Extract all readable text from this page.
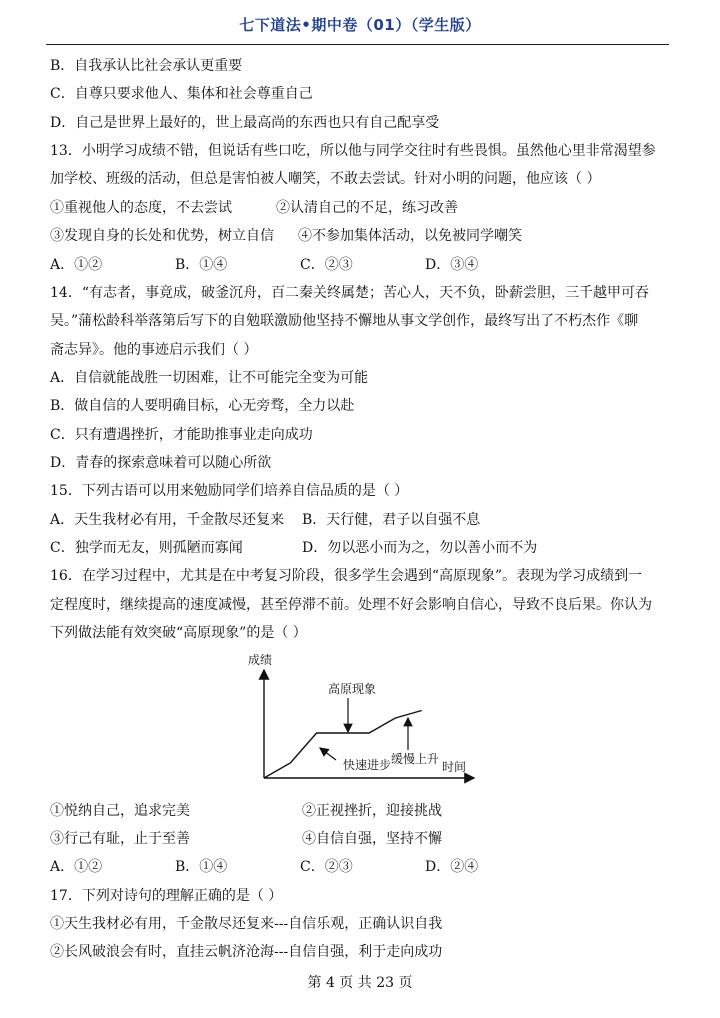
七下道法•期中卷（01）（学生版）
B．自我承认比社会承认更重要
C．自尊只要求他人、集体和社会尊重自己
D．自己是世界上最好的，世上最高尚的东西也只有自己配享受
13．小明学习成绩不错，但说话有些口吃，所以他与同学交往时有些畏惧。虽然他心里非常渴望参
加学校、班级的活动，但总是害怕被人嘲笑，不敢去尝试。针对小明的问题，他应该（ ）
①重视他人的态度，不去尝试	②认清自己的不足，练习改善
③发现自身的长处和优势，树立自信 ④不参加集体活动，以免被同学嘲笑
A．①②	B．①④	C．②③	D．③④
14．“有志者，事竟成，破釜沉舟，百二秦关终属楚；苦心人，天不负，卧薪尝胆，三千越甲可吞
吴。”蒲松龄科举落第后写下的自勉联激励他坚持不懈地从事文学创作，最终写出了不朽杰作《聊
斋志异》。他的事迹启示我们（ ）
A．自信就能战胜一切困难，让不可能完全变为可能
B．做自信的人要明确目标，心无旁骛，全力以赴
C．只有遭遇挫折，才能助推事业走向成功
D．青春的探索意味着可以随心所欲
15．下列古语可以用来勉励同学们培养自信品质的是（ ）
A．天生我材必有用，千金散尽还复来 B．天行健，君子以自强不息
C．独学而无友，则孤陋而寡闻	D．勿以恶小而为之，勿以善小而不为
16．在学习过程中，尤其是在中考复习阶段，很多学生会遇到“高原现象”。表现为学习成绩到一
定程度时，继续提高的速度减慢，甚至停滞不前。处理不好会影响自信心，导致不良后果。你认为
下列做法能有效突破“高原现象”的是（ ）
成绩
时间
高原现象
缓慢上升
快速进步
①悦纳自己，追求完美	②正视挫折，迎接挑战
③行己有耻，止于至善	④自信自强，坚持不懈
A．①②	B．①④	C．②③	D．②④
17．下列对诗句的理解正确的是（ ）
①天生我材必有用，千金散尽还复来---自信乐观，正确认识自我
②长风破浪会有时，直挂云帆济沧海---自信自强，利于走向成功
第 4 页 共 23 页
